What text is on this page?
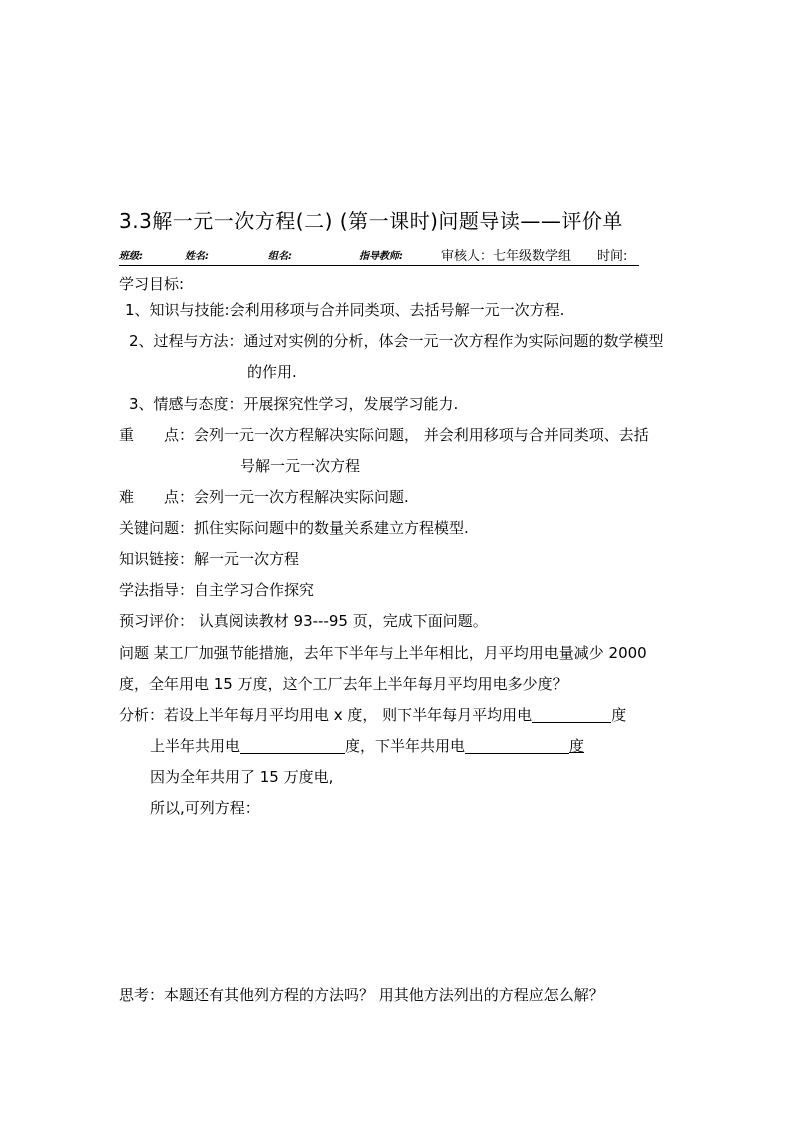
3.3解一元一次方程(二) (第一课时)问题导读——评价单
班级:	姓名:	组名:	指导教师:	审核人：七年级数学组 时间:
学习目标:
1、知识与技能:会利用移项与合并同类项、去括号解一元一次方程.
2、过程与方法：通过对实例的分析，体会一元一次方程作为实际问题的数学模型
的作用.
3、情感与态度：开展探究性学习，发展学习能力.
重　　点：会列一元一次方程解决实际问题， 并会利用移项与合并同类项、去括
号解一元一次方程
难　　点：会列一元一次方程解决实际问题.
关键问题：抓住实际问题中的数量关系建立方程模型.
知识链接：解一元一次方程
学法指导：自主学习合作探究
预习评价： 认真阅读教材 93---95 页，完成下面问题。
问题 某工厂加强节能措施，去年下半年与上半年相比，月平均用电量减少 2000
度，全年用电 15 万度，这个工厂去年上半年每月平均用电多少度？
分析：若设上半年每月平均用电 x 度， 则下半年每月平均用电	度
上半年共用电	度，下半年共用电	度
因为全年共用了 15 万度电,
所以,可列方程：
思考：本题还有其他列方程的方法吗？ 用其他方法列出的方程应怎么解？
